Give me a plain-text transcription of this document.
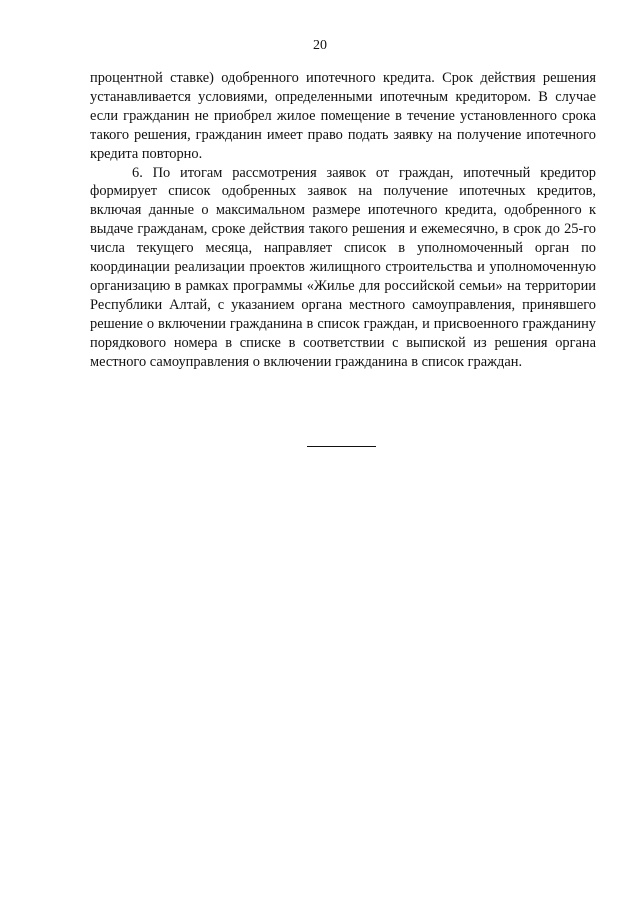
20

процентной ставке) одобренного ипотечного кредита. Срок действия решения устанавливается условиями, определенными ипотечным кредитором. В случае если гражданин не приобрел жилое помещение в течение установленного срока такого решения, гражданин имеет право подать заявку на получение ипотечного кредита повторно.

6. По итогам рассмотрения заявок от граждан, ипотечный кредитор формирует список одобренных заявок на получение ипотечных кредитов, включая данные о максимальном размере ипотечного кредита, одобренного к выдаче гражданам, сроке действия такого решения и ежемесячно, в срок до 25-го числа текущего месяца, направляет список в уполномоченный орган по координации реализации проектов жилищного строительства и уполномоченную организацию в рамках программы «Жилье для российской семьи» на территории Республики Алтай, с указанием органа местного самоуправления, принявшего решение о включении гражданина в список граждан, и присвоенного гражданину порядкового номера в списке в соответствии с выпиской из решения органа местного самоуправления о включении гражданина в список граждан.
